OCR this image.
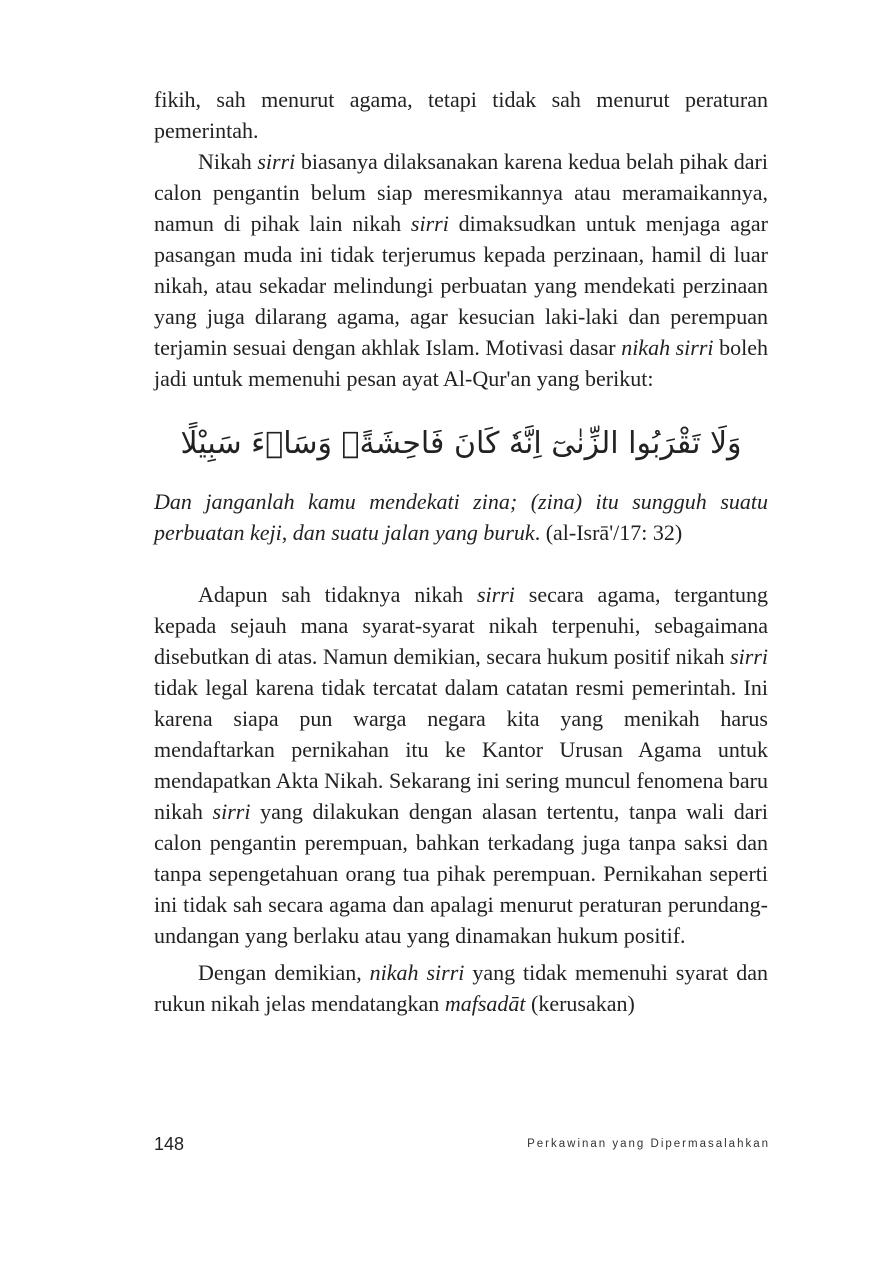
fikih, sah menurut agama, tetapi tidak sah menurut peraturan pemerintah.

Nikah sirri biasanya dilaksanakan karena kedua belah pihak dari calon pengantin belum siap meresmikannya atau meramaikannya, namun di pihak lain nikah sirri dimaksudkan untuk menjaga agar pasangan muda ini tidak terjerumus kepada perzinaan, hamil di luar nikah, atau sekadar melindungi perbuatan yang mendekati perzinaan yang juga dilarang agama, agar kesucian laki-laki dan perempuan terjamin sesuai dengan akhlak Islam. Motivasi dasar nikah sirri boleh jadi untuk memenuhi pesan ayat Al-Qur'an yang berikut:

وَلَا تَقْرَبُوا الزِّنٰىٓ اِنَّهٗ كَانَ فَاحِشَةًۗ وَسَاۤءَ سَبِيْلًا

Dan janganlah kamu mendekati zina; (zina) itu sungguh suatu perbuatan keji, dan suatu jalan yang buruk. (al-Isrā'/17: 32)

Adapun sah tidaknya nikah sirri secara agama, tergantung kepada sejauh mana syarat-syarat nikah terpenuhi, sebagaimana disebutkan di atas. Namun demikian, secara hukum positif nikah sirri tidak legal karena tidak tercatat dalam catatan resmi pemerintah. Ini karena siapa pun warga negara kita yang menikah harus mendaftarkan pernikahan itu ke Kantor Urusan Agama untuk mendapatkan Akta Nikah. Sekarang ini sering muncul fenomena baru nikah sirri yang dilakukan dengan alasan tertentu, tanpa wali dari calon pengantin perempuan, bahkan terkadang juga tanpa saksi dan tanpa sepengetahuan orang tua pihak perempuan. Pernikahan seperti ini tidak sah secara agama dan apalagi menurut peraturan perundang-undangan yang berlaku atau yang dinamakan hukum positif.

Dengan demikian, nikah sirri yang tidak memenuhi syarat dan rukun nikah jelas mendatangkan mafsadāt (kerusakan)

148	Perkawinan yang Dipermasalahkan
